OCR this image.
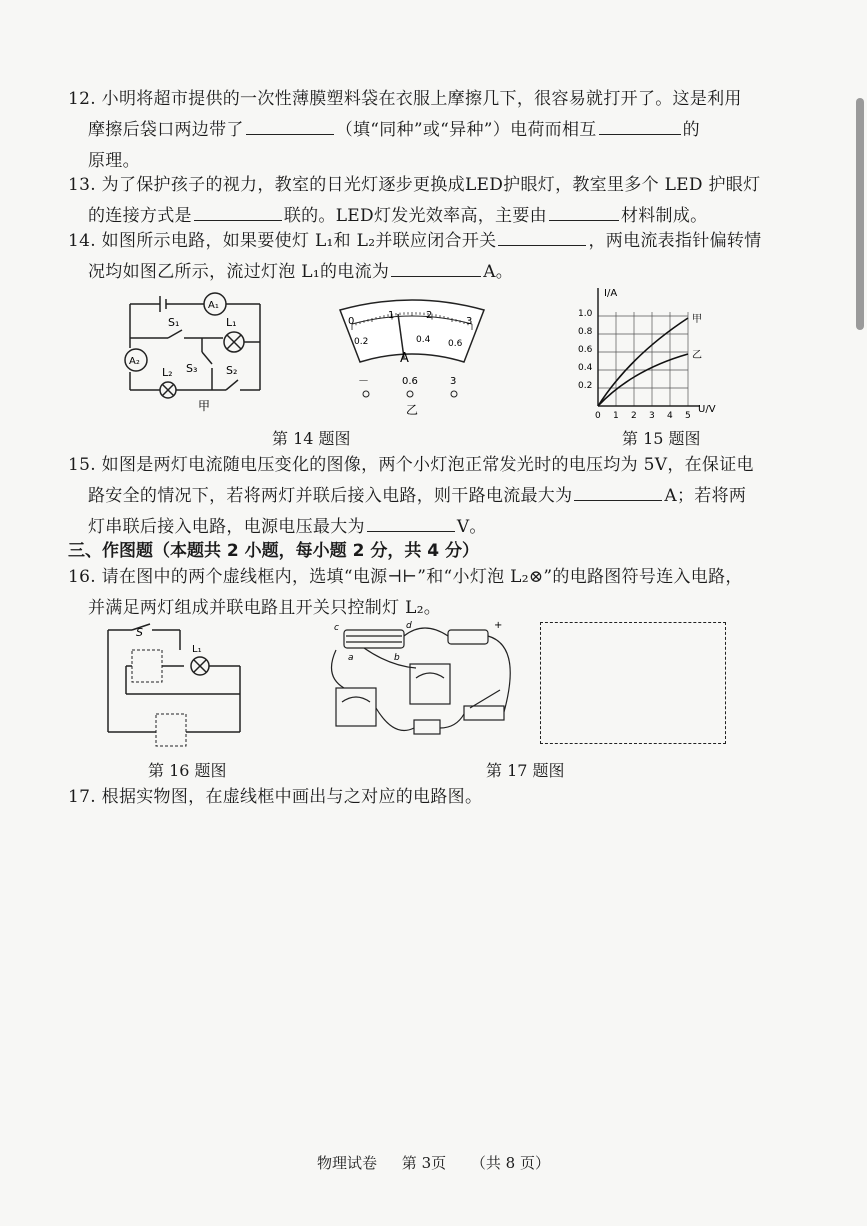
12. 小明将超市提供的一次性薄膜塑料袋在衣服上摩擦几下，很容易就打开了。这是利用

摩擦后袋口两边带了	（填“同种”或“异种”）电荷而相互	的

原理。

13. 为了保护孩子的视力，教室的日光灯逐步更换成LED护眼灯，教室里多个 LED 护眼灯

的连接方式是	联的。LED灯发光效率高，主要由	材料制成。

14. 如图所示电路，如果要使灯 L₁和 L₂并联应闭合开关	，两电流表指针偏转情

况均如图乙所示，流过灯泡 L₁的电流为	A。

A₁
A₂
S₁	L₁
L₂ S₃	S₂
甲
0
1	2
3
0.2	0.4 0.6
A
－	0.6	3
乙
第 14 题图
I/A
U/V
1.0
0.8
0.6
0.4
0.2
0 1 2 3 4 5
甲
乙
第 15 题图

15. 如图是两灯电流随电压变化的图像，两个小灯泡正常发光时的电压均为 5V，在保证电

路安全的情况下，若将两灯并联后接入电路，则干路电流最大为	A；若将两

灯串联后接入电路，电源电压最大为	V。

三、作图题（本题共 2 小题，每小题 2 分，共 4 分）

16. 请在图中的两个虚线框内，选填“电源⊣⊢”和“小灯泡 L₂⊗”的电路图符号连入电路，

并满足两灯组成并联电路且开关只控制灯 L₂。

S
L₁
第 16 题图
c	d
a	b
+
第 17 题图

17. 根据实物图，在虚线框中画出与之对应的电路图。

物理试卷 第 3页 （共 8 页）
